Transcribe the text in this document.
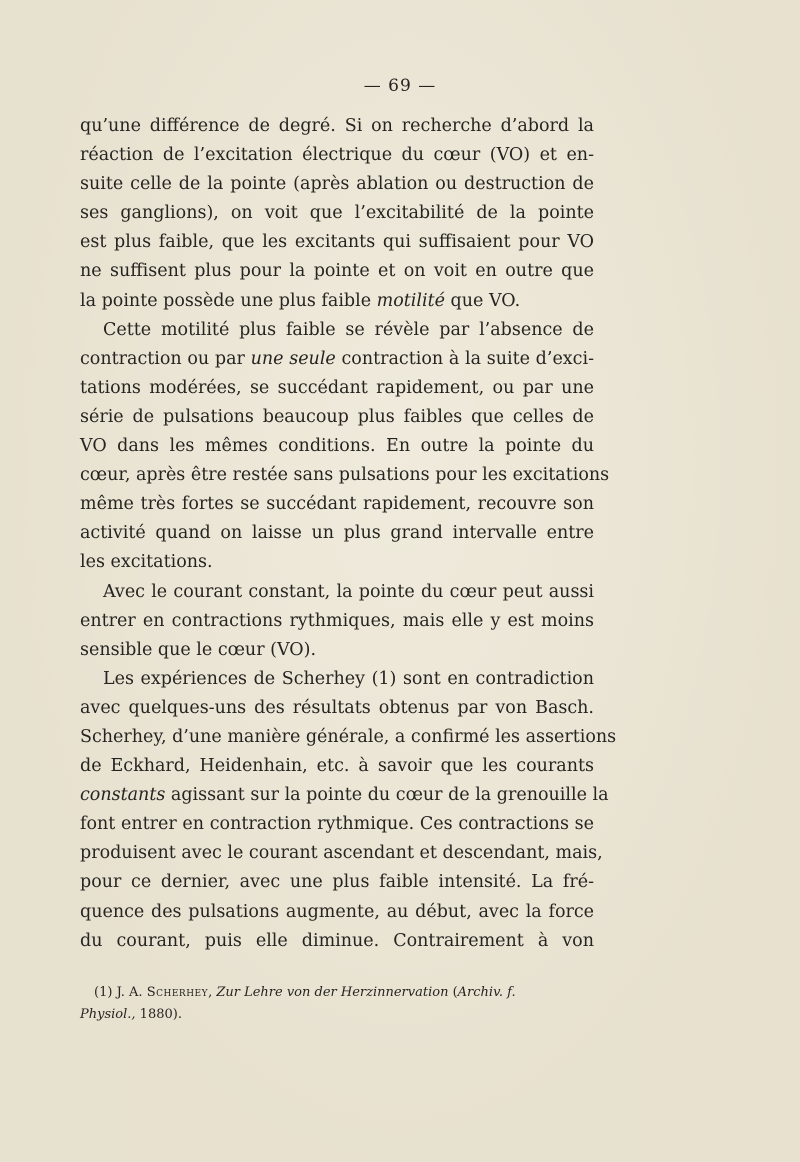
— 69 —
qu’une différence de degré. Si on recherche d’abord la
réaction de l’excitation électrique du cœur (VO) et en-
suite celle de la pointe (après ablation ou destruction de
ses ganglions), on voit que l’excitabilité de la pointe
est plus faible, que les excitants qui suffisaient pour VO
ne suffisent plus pour la pointe et on voit en outre que
la pointe possède une plus faible motilité que VO.
Cette motilité plus faible se révèle par l’absence de
contraction ou par une seule contraction à la suite d’exci-
tations modérées, se succédant rapidement, ou par une
série de pulsations beaucoup plus faibles que celles de
VO dans les mêmes conditions. En outre la pointe du
cœur, après être restée sans pulsations pour les excitations
même très fortes se succédant rapidement, recouvre son
activité quand on laisse un plus grand intervalle entre
les excitations.
Avec le courant constant, la pointe du cœur peut aussi
entrer en contractions rythmiques, mais elle y est moins
sensible que le cœur (VO).
Les expériences de Scherhey (1) sont en contradiction
avec quelques-uns des résultats obtenus par von Basch.
Scherhey, d’une manière générale, a confirmé les assertions
de Eckhard, Heidenhain, etc. à savoir que les courants
constants agissant sur la pointe du cœur de la grenouille la
font entrer en contraction rythmique. Ces contractions se
produisent avec le courant ascendant et descendant, mais,
pour ce dernier, avec une plus faible intensité. La fré-
quence des pulsations augmente, au début, avec la force
du courant, puis elle diminue. Contrairement à von
(1) J. A. Scherhey, Zur Lehre von der Herzinnervation (Archiv. f.
Physiol., 1880).
